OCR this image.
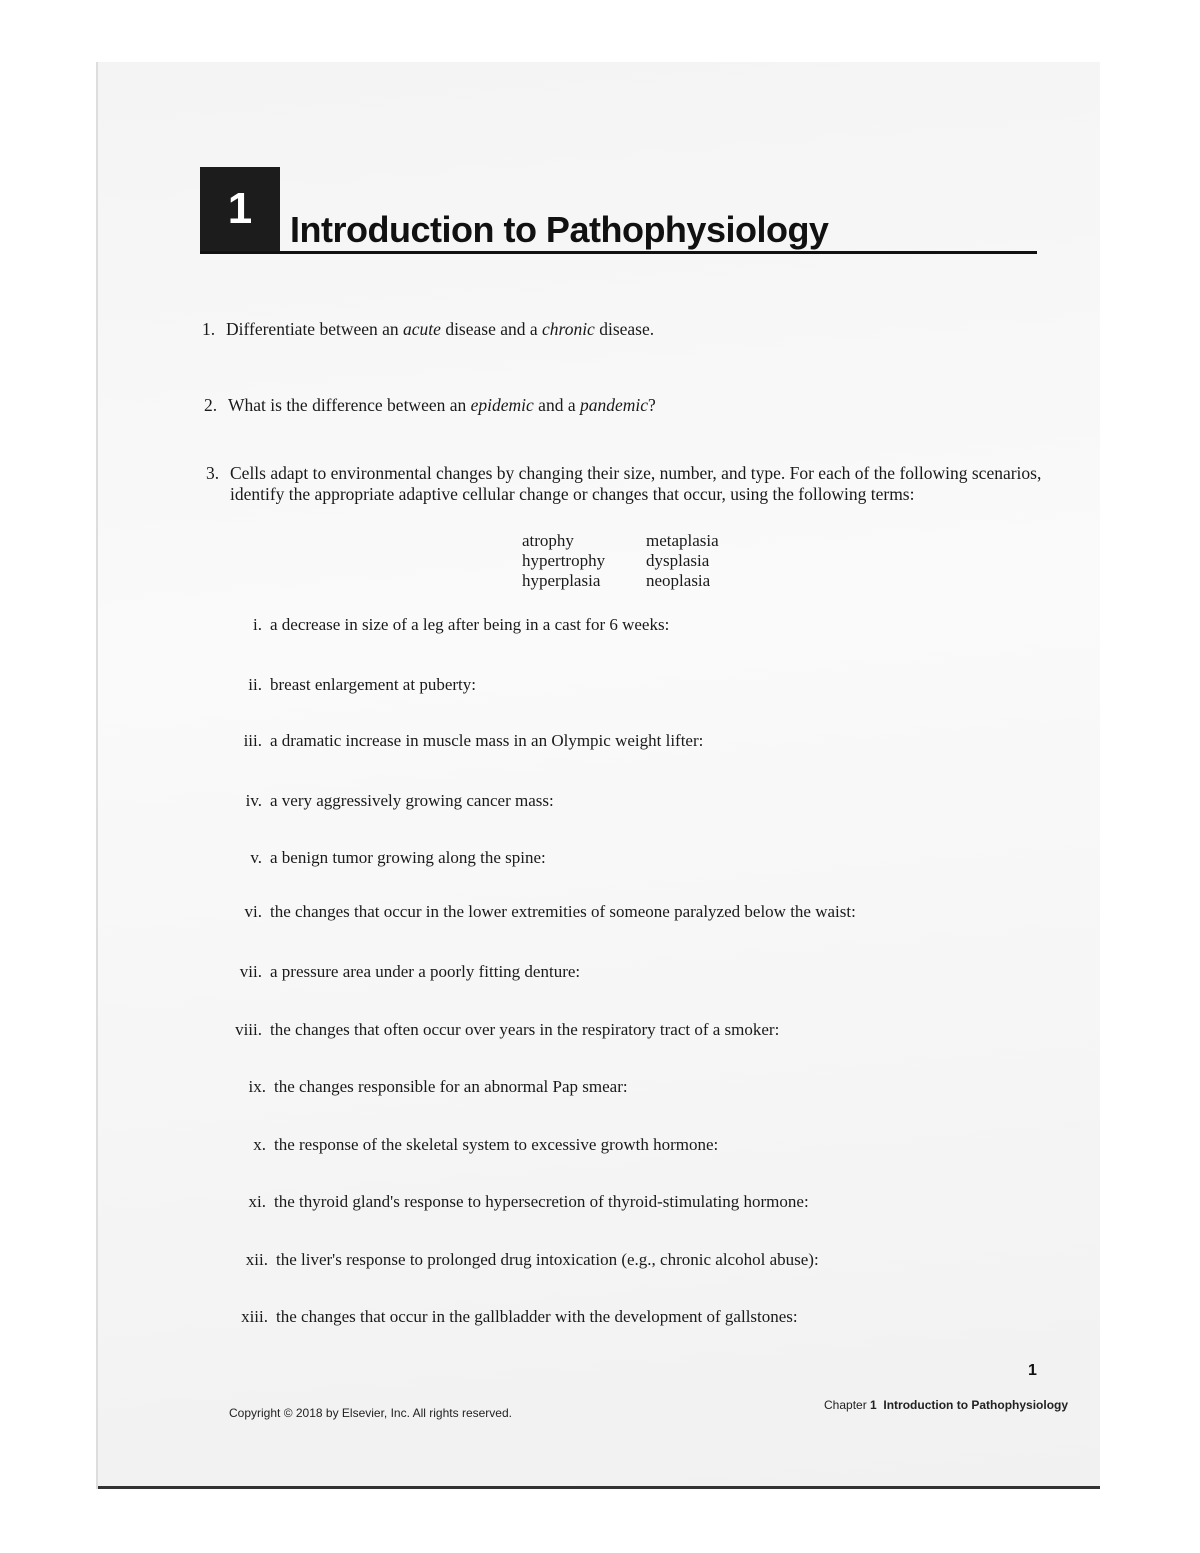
1	Introduction to Pathophysiology
1. Differentiate between an acute disease and a chronic disease.
2. What is the difference between an epidemic and a pandemic?
3. Cells adapt to environmental changes by changing their size, number, and type. For each of the following scenarios,
identify the appropriate adaptive cellular change or changes that occur, using the following terms:
atrophy	metaplasia
hypertrophy	dysplasia
hyperplasia	neoplasia
i. a decrease in size of a leg after being in a cast for 6 weeks:
ii. breast enlargement at puberty:
iii. a dramatic increase in muscle mass in an Olympic weight lifter:
iv. a very aggressively growing cancer mass:
v. a benign tumor growing along the spine:
vi. the changes that occur in the lower extremities of someone paralyzed below the waist:
vii. a pressure area under a poorly fitting denture:
viii. the changes that often occur over years in the respiratory tract of a smoker:
ix. the changes responsible for an abnormal Pap smear:
x. the response of the skeletal system to excessive growth hormone:
xi. the thyroid gland's response to hypersecretion of thyroid-stimulating hormone:
xii. the liver's response to prolonged drug intoxication (e.g., chronic alcohol abuse):
xiii. the changes that occur in the gallbladder with the development of gallstones:
1
Copyright © 2018 by Elsevier, Inc. All rights reserved.
Chapter 1 Introduction to Pathophysiology
